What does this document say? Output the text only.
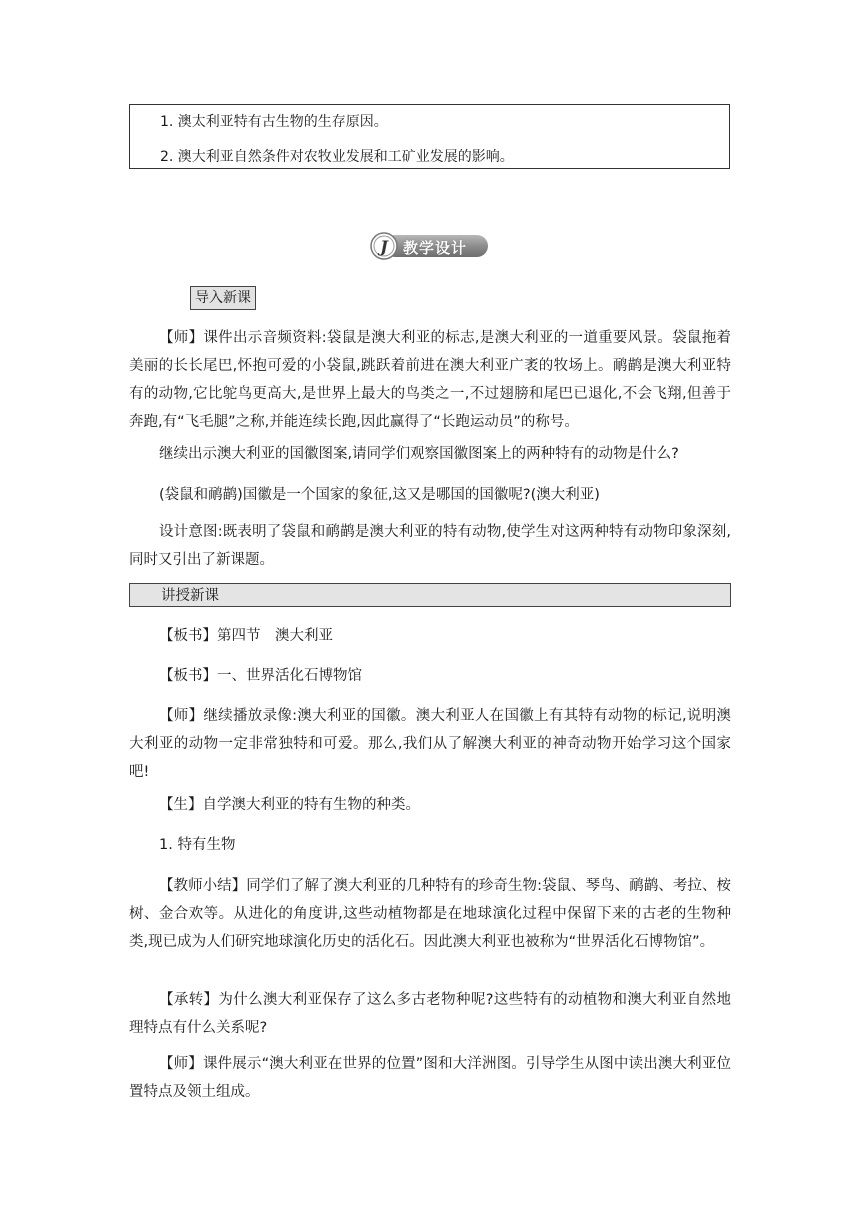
1. 澳太利亚特有古生物的生存原因。
2. 澳大利亚自然条件对农牧业发展和工矿业发展的影响。
J 教学设计
导入新课
【师】课件出示音频资料:袋鼠是澳大利亚的标志,是澳大利亚的一道重要风景。袋鼠拖着美丽的长长尾巴,怀抱可爱的小袋鼠,跳跃着前进在澳大利亚广袤的牧场上。鸸鹋是澳大利亚特有的动物,它比鸵鸟更高大,是世界上最大的鸟类之一,不过翅膀和尾巴已退化,不会飞翔,但善于奔跑,有“飞毛腿”之称,并能连续长跑,因此赢得了“长跑运动员”的称号。
继续出示澳大利亚的国徽图案,请同学们观察国徽图案上的两种特有的动物是什么?
(袋鼠和鸸鹋)国徽是一个国家的象征,这又是哪国的国徽呢?(澳大利亚)
设计意图:既表明了袋鼠和鸸鹋是澳大利亚的特有动物,使学生对这两种特有动物印象深刻,同时又引出了新课题。
讲授新课
【板书】第四节　澳大利亚
【板书】一、世界活化石博物馆
【师】继续播放录像:澳大利亚的国徽。澳大利亚人在国徽上有其特有动物的标记,说明澳大利亚的动物一定非常独特和可爱。那么,我们从了解澳大利亚的神奇动物开始学习这个国家吧!
【生】自学澳大利亚的特有生物的种类。
1. 特有生物
【教师小结】同学们了解了澳大利亚的几种特有的珍奇生物:袋鼠、琴鸟、鸸鹋、考拉、桉树、金合欢等。从进化的角度讲,这些动植物都是在地球演化过程中保留下来的古老的生物种类,现已成为人们研究地球演化历史的活化石。因此澳大利亚也被称为“世界活化石博物馆”。
【承转】为什么澳大利亚保存了这么多古老物种呢?这些特有的动植物和澳大利亚自然地理特点有什么关系呢?
【师】课件展示“澳大利亚在世界的位置”图和大洋洲图。引导学生从图中读出澳大利亚位置特点及领土组成。
